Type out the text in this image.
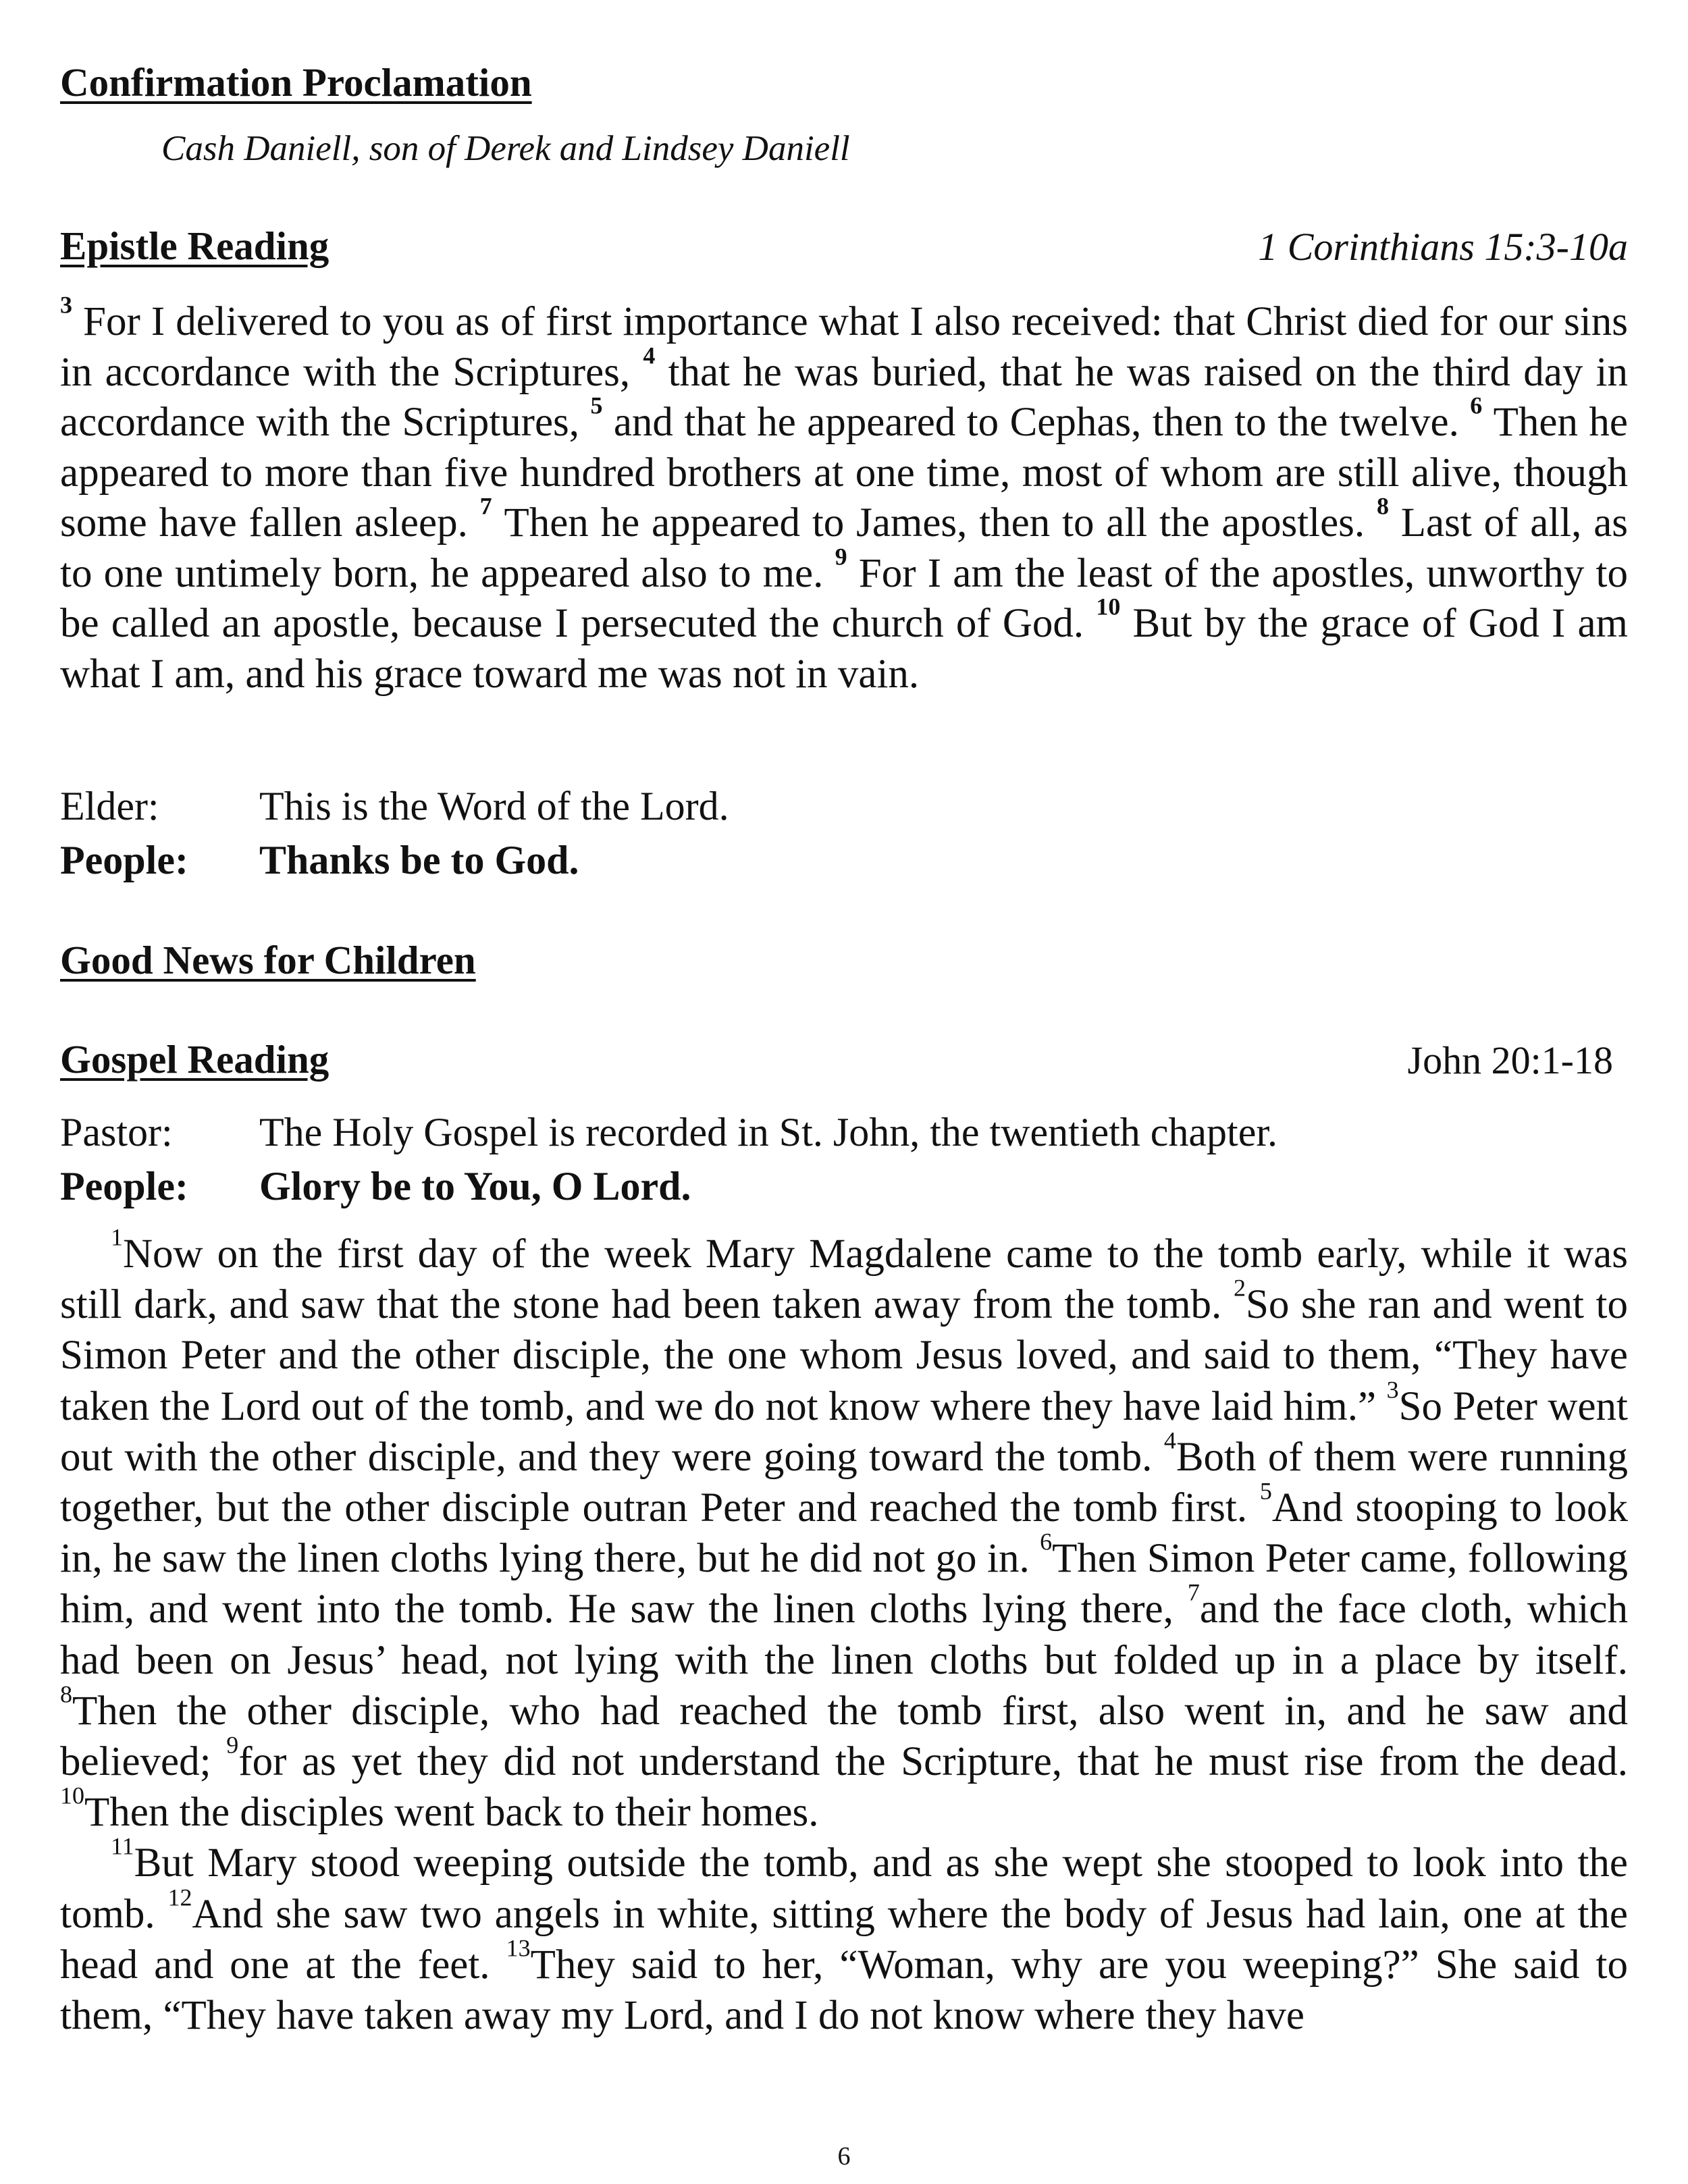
Confirmation Proclamation
Cash Daniell, son of Derek and Lindsey Daniell
Epistle Reading	1 Corinthians 15:3-10a

$^3$ For I delivered to you as of first importance what I also received: that Christ died for our sins in accordance with the Scriptures, $^4$ that he was buried, that he was raised on the third day in accordance with the Scriptures, $^5$ and that he appeared to Cephas, then to the twelve. $^6$ Then he appeared to more than five hundred brothers at one time, most of whom are still alive, though some have fallen asleep. $^7$ Then he appeared to James, then to all the apostles. $^8$ Last of all, as to one untimely born, he appeared also to me. $^9$ For I am the least of the apostles, unworthy to be called an apostle, because I persecuted the church of God. $^{10}$ But by the grace of God I am what I am, and his grace toward me was not in vain.

Elder: This is the Word of the Lord.
People: Thanks be to God.
Good News for Children
Gospel Reading	John 20:1-18
Pastor: The Holy Gospel is recorded in St. John, the twentieth chapter.
People: Glory be to You, O Lord.

$^1$Now on the first day of the week Mary Magdalene came to the tomb early, while it was still dark, and saw that the stone had been taken away from the tomb. $^2$So she ran and went to Simon Peter and the other disciple, the one whom Jesus loved, and said to them, “They have taken the Lord out of the tomb, and we do not know where they have laid him.” $^3$So Peter went out with the other disciple, and they were going toward the tomb. $^4$Both of them were running together, but the other disciple outran Peter and reached the tomb first. $^5$And stooping to look in, he saw the linen cloths lying there, but he did not go in. $^6$Then Simon Peter came, following him, and went into the tomb. He saw the linen cloths lying there, $^7$and the face cloth, which had been on Jesus’ head, not lying with the linen cloths but folded up in a place by itself. $^8$Then the other disciple, who had reached the tomb first, also went in, and he saw and believed; $^9$for as yet they did not understand the Scripture, that he must rise from the dead. $^{10}$Then the disciples went back to their homes.

$^{11}$But Mary stood weeping outside the tomb, and as she wept she stooped to look into the tomb. $^{12}$And she saw two angels in white, sitting where the body of Jesus had lain, one at the head and one at the feet. $^{13}$They said to her, “Woman, why are you weeping?” She said to them, “They have taken away my Lord, and I do not know where they have

6
